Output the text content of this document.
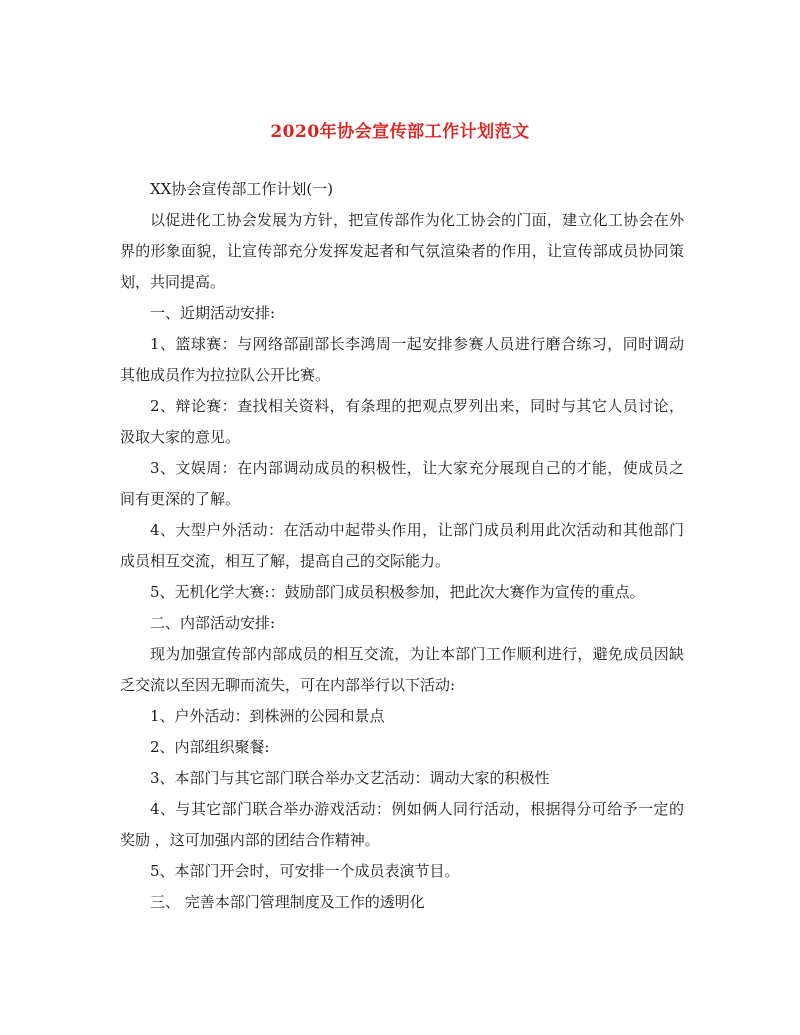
2020年协会宣传部工作计划范文

XX协会宣传部工作计划(一)

以促进化工协会发展为方针，把宣传部作为化工协会的门面，建立化工协会在外界的形象面貌，让宣传部充分发挥发起者和气氛渲染者的作用，让宣传部成员协同策划，共同提高。

一、近期活动安排:

1、篮球赛：与网络部副部长李鸿周一起安排参赛人员进行磨合练习，同时调动其他成员作为拉拉队公开比赛。

2、辩论赛：查找相关资料，有条理的把观点罗列出来，同时与其它人员讨论，汲取大家的意见。

3、文娱周：在内部调动成员的积极性，让大家充分展现自己的才能，使成员之间有更深的了解。

4、大型户外活动：在活动中起带头作用，让部门成员利用此次活动和其他部门成员相互交流，相互了解，提高自己的交际能力。

5、无机化学大赛:：鼓励部门成员积极参加，把此次大赛作为宣传的重点。

二、内部活动安排:

现为加强宣传部内部成员的相互交流，为让本部门工作顺利进行，避免成员因缺乏交流以至因无聊而流失，可在内部举行以下活动:

1、户外活动：到株洲的公园和景点

2、内部组织聚餐:

3、本部门与其它部门联合举办文艺活动：调动大家的积极性

4、与其它部门联合举办游戏活动：例如俩人同行活动，根据得分可给予一定的奖励 ，这可加强内部的团结合作精神。

5、本部门开会时，可安排一个成员表演节目。

三、 完善本部门管理制度及工作的透明化
